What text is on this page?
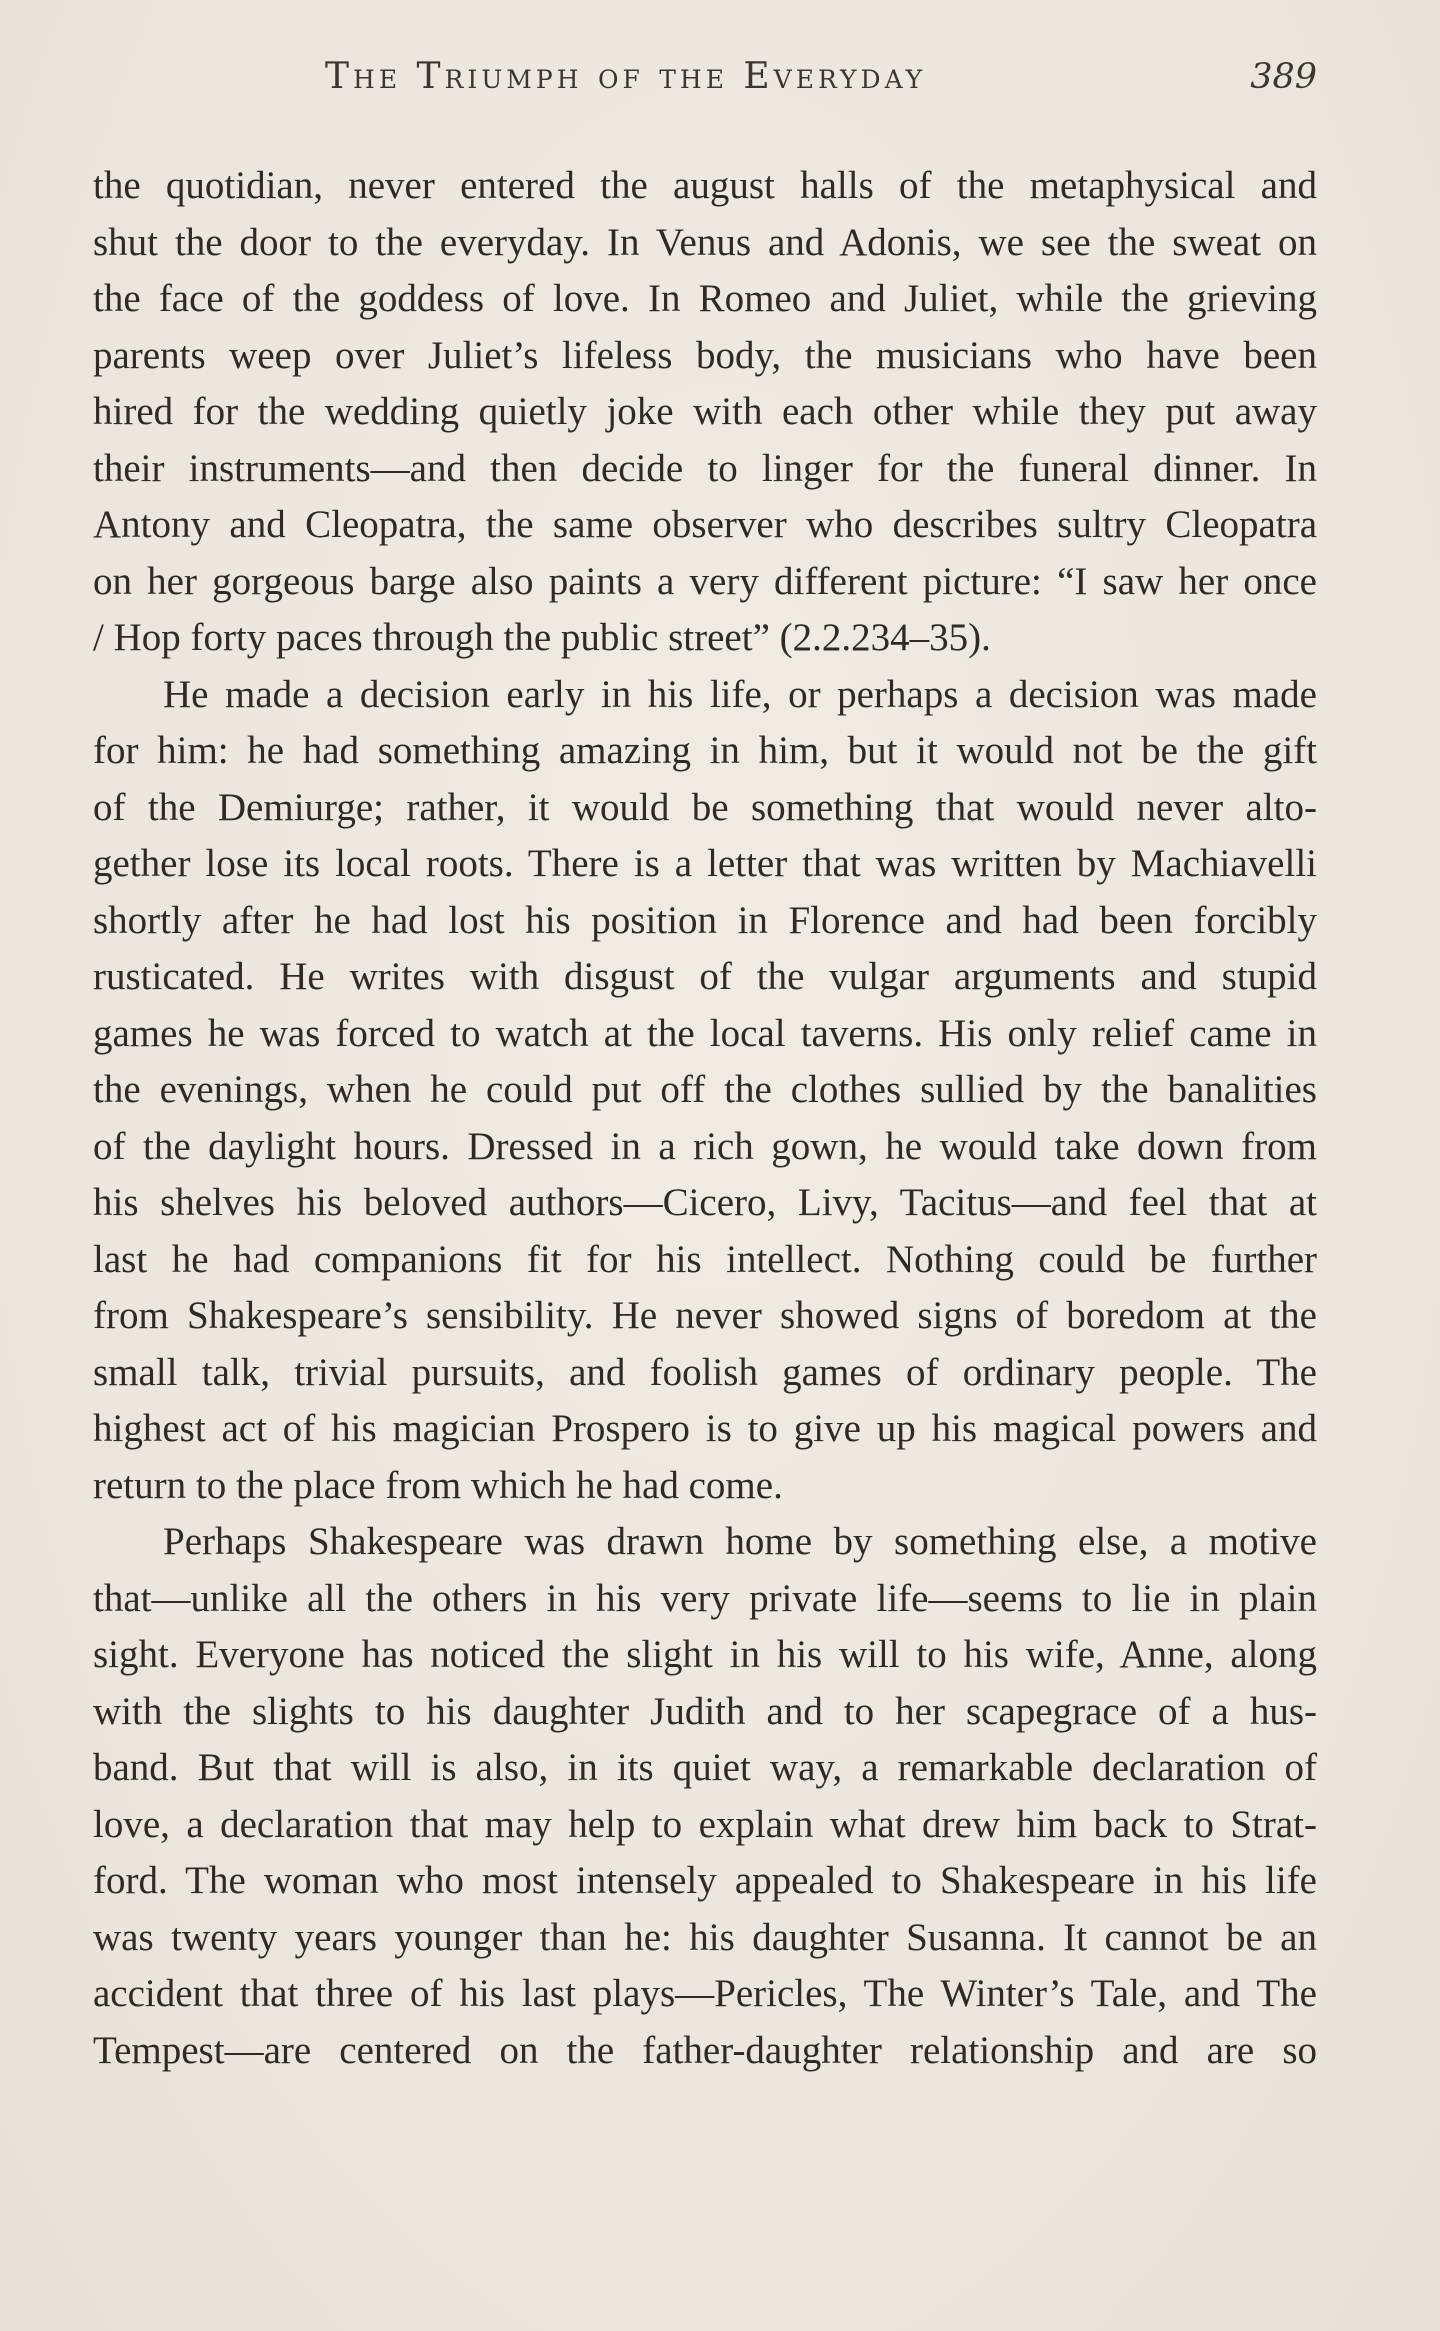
The Triumph of the Everyday	389

the quotidian, never entered the august halls of the metaphysical and
shut the door to the everyday. In Venus and Adonis, we see the sweat on
the face of the goddess of love. In Romeo and Juliet, while the grieving
parents weep over Juliet’s lifeless body, the musicians who have been
hired for the wedding quietly joke with each other while they put away
their instruments—and then decide to linger for the funeral dinner. In
Antony and Cleopatra, the same observer who describes sultry Cleopatra
on her gorgeous barge also paints a very different picture: “I saw her once
/ Hop forty paces through the public street” (2.2.234–35).

He made a decision early in his life, or perhaps a decision was made
for him: he had something amazing in him, but it would not be the gift
of the Demiurge; rather, it would be something that would never alto-
gether lose its local roots. There is a letter that was written by Machiavelli
shortly after he had lost his position in Florence and had been forcibly
rusticated. He writes with disgust of the vulgar arguments and stupid
games he was forced to watch at the local taverns. His only relief came in
the evenings, when he could put off the clothes sullied by the banalities
of the daylight hours. Dressed in a rich gown, he would take down from
his shelves his beloved authors—Cicero, Livy, Tacitus—and feel that at
last he had companions fit for his intellect. Nothing could be further
from Shakespeare’s sensibility. He never showed signs of boredom at the
small talk, trivial pursuits, and foolish games of ordinary people. The
highest act of his magician Prospero is to give up his magical powers and
return to the place from which he had come.

Perhaps Shakespeare was drawn home by something else, a motive
that—unlike all the others in his very private life—seems to lie in plain
sight. Everyone has noticed the slight in his will to his wife, Anne, along
with the slights to his daughter Judith and to her scapegrace of a hus-
band. But that will is also, in its quiet way, a remarkable declaration of
love, a declaration that may help to explain what drew him back to Strat-
ford. The woman who most intensely appealed to Shakespeare in his life
was twenty years younger than he: his daughter Susanna. It cannot be an
accident that three of his last plays—Pericles, The Winter’s Tale, and The
Tempest—are centered on the father-daughter relationship and are so
